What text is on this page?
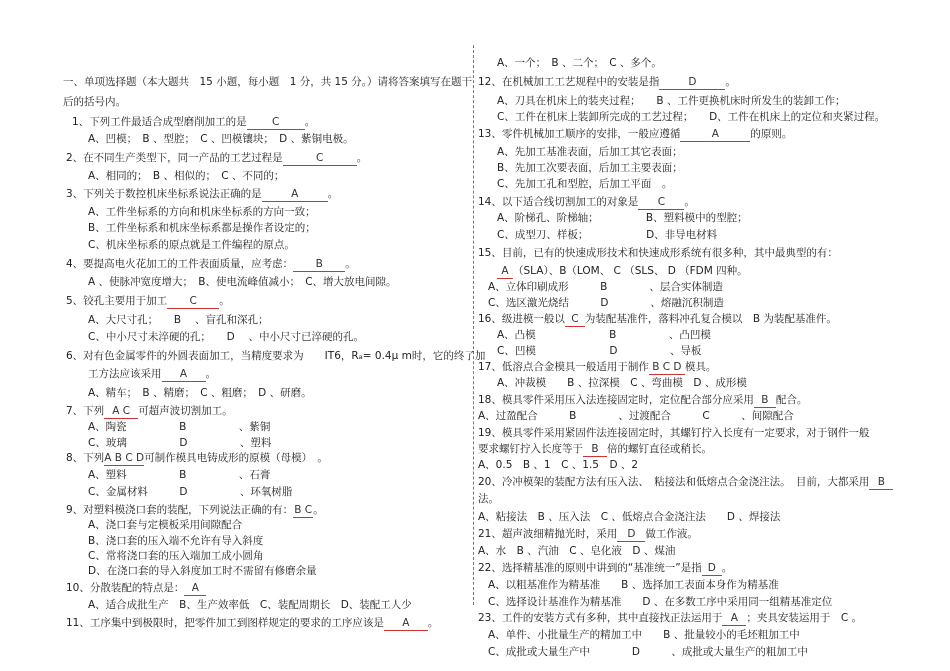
一、单项选择题（本大题共　15 小题，每小题　1 分，共 15 分。）请将答案填写在题干
后的括号内。
1、下列工件最适合成型磨削加工的是 C 。
A、凹模；　B 、型腔；　C 、凹模镶块；　D 、紫铜电极。
2、在不同生产类型下，同一产品的工艺过程是	C	。
A、相同的；　B 、相似的；　C 、不同的；
3、下列关于数控机床坐标系说法正确的是	A	。
A、工件坐标系的方向和机床坐标系的方向一致；
B、工件坐标系和机床坐标系都是操作者设定的；
C、机床坐标系的原点就是工件编程的原点。
4、要提高电火花加工的工件表面质量，应考虑： B 。
A 、使脉冲宽度增大；　B、使电流峰值减小；　C、增大放电间隙。
5、铰孔主要用于加工 C 。
A、大尺寸孔；　　B 　、盲孔和深孔；
C、中小尺寸未淬硬的孔；　　D 　、中小尺寸已淬硬的孔。
6、对有色金属零件的外圆表面加工，当精度要求为　　IT6，Rₐ= 0.4μ m时，它的终了加
工方法应该采用 A 。
A、精车；　B 、精磨；　C 、粗磨；　D 、研磨。
7、下列 A C 可超声波切割加工。
A、陶瓷　　　　　B　　　　　、紫铜
C、玻璃　　　　　D　　　　　、塑料
8、下列A B C D可制作模具电铸成形的原模（母模）　。
A、塑料　　　　　B　　　　　、石膏
C、金属材料　　　D　　　　　、环氧树脂
9、对塑料模浇口套的装配，下列说法正确的有：B C。
A、浇口套与定模板采用间隙配合
B、浇口套的压入端不允许有导入斜度
C、常将浇口套的压入端加工成小圆角
D、在浇口套的导入斜度加工时不需留有修磨余量
10、分散装配的特点是： A
A、适合成批生产　B、生产效率低　C、装配周期长　D、装配工人少
11、工序集中到极限时，把零件加工到图样规定的要求的工序应该是 A 。
A、一个；　B 、二个；　C 、多个。
12、在机械加工工艺规程中的安装是指	D	。
A、刀具在机床上的装夹过程；　　B 、工件更换机床时所发生的装卸工作；
C、工件在机床上装卸所完成的工艺过程；　　D、工件在机床上的定位和夹紧过程。
13、零件机械加工顺序的安排，一般应遵循	A	的原则。
A、先加工基准表面，后加工其它表面；
B、先加工次要表面，后加工主要表面；
C、先加工孔和型腔，后加工平面　。
14、以下适合线切割加工的对象是 C 。
A、阶梯孔、阶梯轴；　　　　　B、塑料模中的型腔；
C、成型刀、样板；　　　　　　D、非导电材料
15、目前，已有的快速成形技术和快速成形系统有很多种，其中最典型的有：
A （SLA）、B（LOM、 C （SLS、 D （FDM 四种。
A、立体印刷成形　　　B　　　　、层合实体制造
C、选区激光烧结　　　D　　　　、熔融沉积制造
16、级进模一般以 C 为装配基准件，落料冲孔复合模以　B 为装配基准件。
A、凸模　　　　　　　B　　　　　、凸凹模
C、凹模　　　　　　　D　　　　　、导板
17、低溶点合金模具一般适用于制作 B C D 模具。
A、冲裁模　　B 、拉深模　C 、弯曲模　D 、成形模
18、模具零件采用压入法连接固定时，定位配合部分应采用 B 配合。
A、过盈配合　　　B　　　　、过渡配合　　　C　　　、间隙配合
19、模具零件采用紧固件法连接固定时，其螺钉拧入长度有一定要求，对于钢件一般
要求螺钉拧入长度等于 B 倍的螺钉直径或稍长。
A、0.5　B 、1　C 、1.5　D 、2
20、冷冲模架的装配方法有压入法、　粘接法和低熔点合金浇注法。　目前，大都采用 B
法。
A、粘接法　B 、压入法　C 、低熔点合金浇注法　　D 、焊接法
21、超声波细精抛光时，采用 D 做工作液。
A、水　B 、汽油　C 、皂化液　D 、煤油
22、选择精基准的原则中讲到的“基准统一”是指 D 。
A、以粗基准作为精基准　　B 、选择加工表面本身作为精基准
C、选择设计基准作为精基准　　D 、在多数工序中采用同一组精基准定位
23、工件的安装方式有多种，其中直接找正法运用于 A ；夹具安装运用于　C 。
A、单件、小批量生产的精加工中　　B 、批量较小的毛坯粗加工中
C、成批或大量生产中　　　　D　　　、成批或大量生产的粗加工中
